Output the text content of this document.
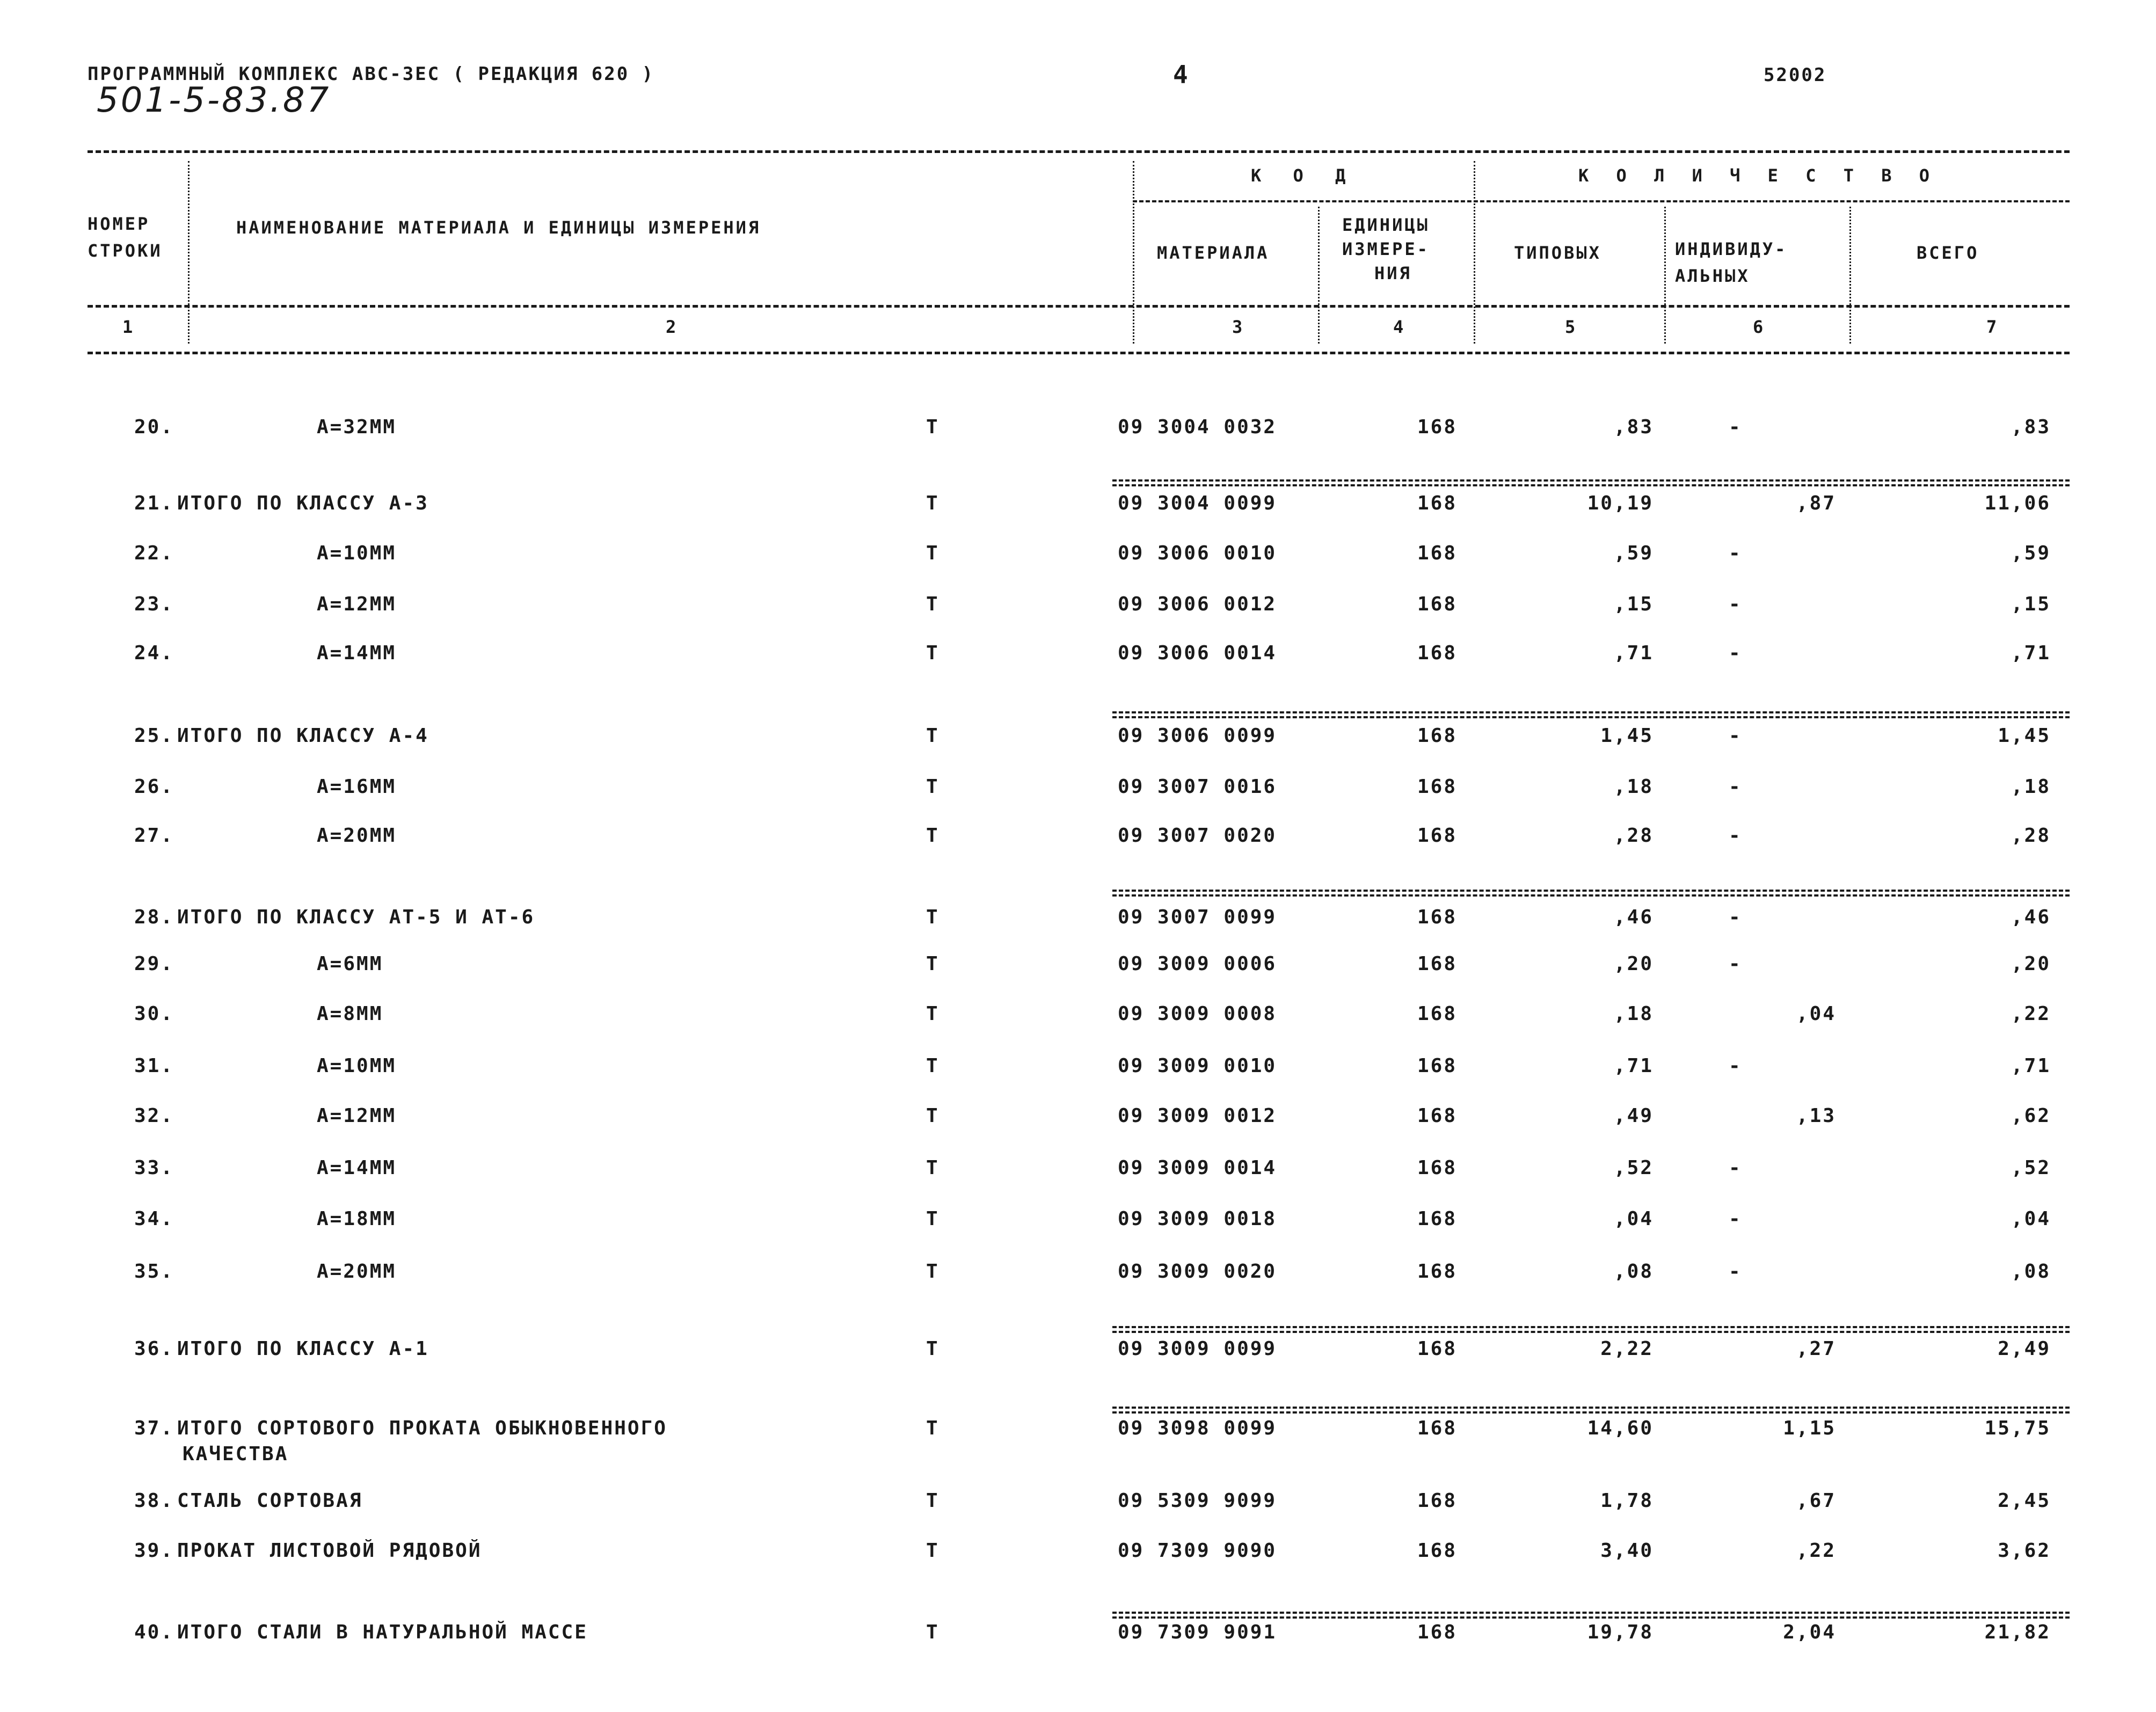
ПРОГРАММНЫЙ КОМПЛЕКС АВС-ЗЕС ( РЕДАКЦИЯ 620 )
501-5-83.87
4	52002
НОМЕР
СТРОКИ
НАИМЕНОВАНИЕ МАТЕРИАЛА И ЕДИНИЦЫ ИЗМЕРЕНИЯ
К О Д	К О Л И Ч Е С Т В О
МАТЕРИАЛА
ЕДИНИЦЫ
ИЗМЕРЕ-
НИЯ
ТИПОВЫХ	ИНДИВИДУ-
АЛЬНЫХ
ВСЕГО
1	2	3	4	5	6	7
20.	А=32ММ	Т	09 3004 0032	168	,83	-	,83
21. ИТОГО ПО КЛАССУ А-3	Т	09 3004 0099	168	10,19	,87	11,06
22.	А=10ММ	Т	09 3006 0010	168	,59	-	,59
23.	А=12ММ	Т	09 3006 0012	168	,15	-	,15
24.	А=14ММ	Т	09 3006 0014	168	,71	-	,71
25. ИТОГО ПО КЛАССУ А-4	Т	09 3006 0099	168	1,45	-	1,45
26.	А=16ММ	Т	09 3007 0016	168	,18	-	,18
27.	А=20ММ	Т	09 3007 0020	168	,28	-	,28
28. ИТОГО ПО КЛАССУ АТ-5 И АТ-6	Т	09 3007 0099	168	,46	-	,46
29.	А=6ММ	Т	09 3009 0006	168	,20	-	,20
30.	А=8ММ	Т	09 3009 0008	168	,18	,04	,22
31.	А=10ММ	Т	09 3009 0010	168	,71	-	,71
32.	А=12ММ	Т	09 3009 0012	168	,49	,13	,62
33.	А=14ММ	Т	09 3009 0014	168	,52	-	,52
34.	А=18ММ	Т	09 3009 0018	168	,04	-	,04
35.	А=20ММ	Т	09 3009 0020	168	,08	-	,08
36. ИТОГО ПО КЛАССУ А-1	Т	09 3009 0099	168	2,22	,27	2,49
37. ИТОГО СОРТОВОГО ПРОКАТА ОБЫКНОВЕННОГО	Т	09 3098 0099	168	14,60	1,15	15,75
КАЧЕСТВА
38. СТАЛЬ СОРТОВАЯ	Т	09 5309 9099	168	1,78	,67	2,45
39. ПРОКАТ ЛИСТОВОЙ РЯДОВОЙ	Т	09 7309 9090	168	3,40	,22	3,62
40. ИТОГО СТАЛИ В НАТУРАЛЬНОЙ МАССЕ	Т	09 7309 9091	168	19,78	2,04	21,82
